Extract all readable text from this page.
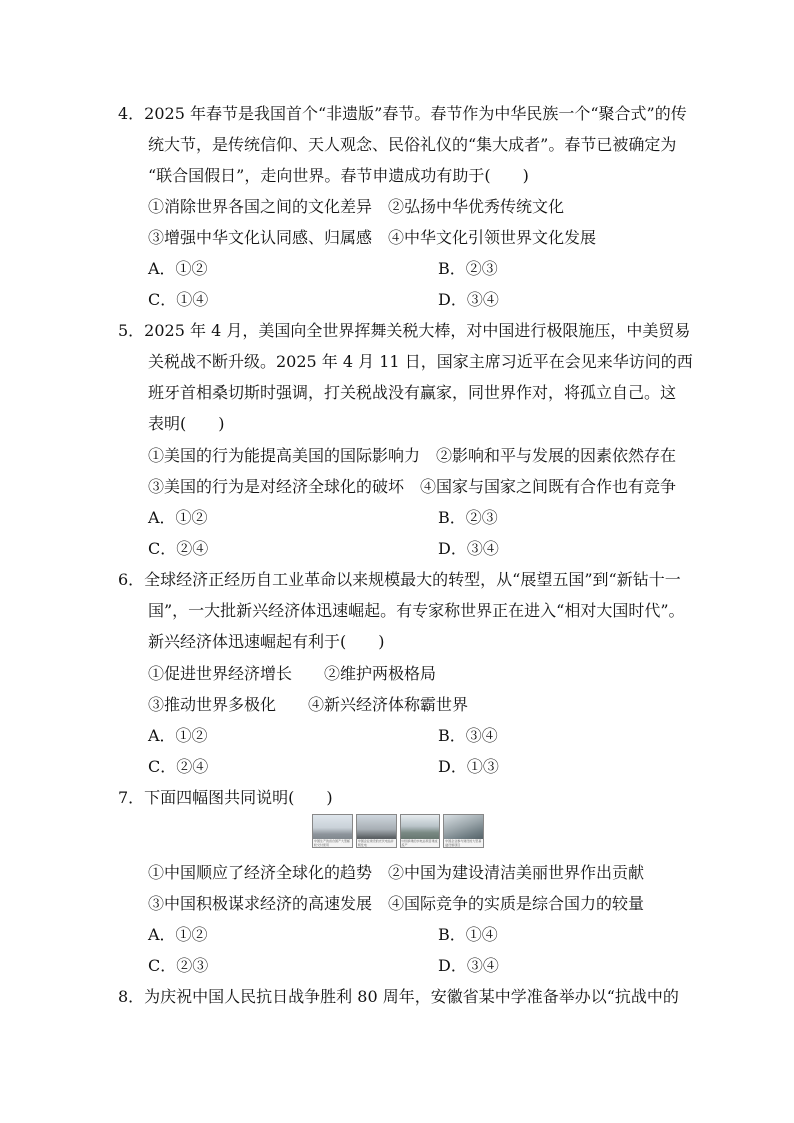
4．2025 年春节是我国首个“非遗版”春节。春节作为中华民族一个“聚合式”的传
统大节，是传统信仰、天人观念、民俗礼仪的“集大成者”。春节已被确定为
“联合国假日”，走向世界。春节申遗成功有助于(　　)
①消除世界各国之间的文化差异　②弘扬中华优秀传统文化
③增强中华文化认同感、归属感　④中华文化引领世界文化发展
A．①②	B．②③
C．①④	D．③④
5．2025 年 4 月，美国向全世界挥舞关税大棒，对中国进行极限施压，中美贸易
关税战不断升级。2025 年 4 月 11 日，国家主席习近平在会见来华访问的西
班牙首相桑切斯时强调，打关税战没有赢家，同世界作对，将孤立自己。这
表明(　　)
①美国的行为能提高美国的国际影响力　②影响和平与发展的因素依然存在
③美国的行为是对经济全球化的破坏　④国家与国家之间既有合作也有竞争
A．①②	B．②③
C．②④	D．③④
6．全球经济正经历自工业革命以来规模最大的转型，从“展望五国”到“新钻十一
国”，一大批新兴经济体迅速崛起。有专家称世界正在进入“相对大国时代”。
新兴经济体迅速崛起有利于(　　)
①促进世界经济增长　　②维护两极格局
③推动世界多极化　　④新兴经济体称霸世界
A．①②	B．③④
C．②④	D．①③
7．下面四幅图共同说明(　　)
中国生产的首台国产大型邮轮交付使用
中国企业建设的光伏电站并网发电
中国承建的水电站项目建成投产
中国企业参与建设的大型基础设施项目
①中国顺应了经济全球化的趋势　②中国为建设清洁美丽世界作出贡献
③中国积极谋求经济的高速发展　④国际竞争的实质是综合国力的较量
A．①②	B．①④
C．②③	D．③④
8．为庆祝中国人民抗日战争胜利 80 周年，安徽省某中学准备举办以“抗战中的
